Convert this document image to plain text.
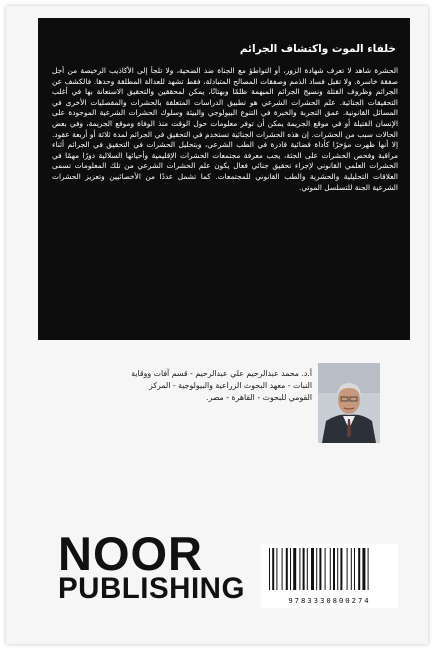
خلفاء الموت واكتشاف الجرائم
الحشرة شاهد لا تعرف شهادة الزور، أو التواطؤ مع الجناة ضد الضحية، ولا تلجأ إلى الأكاذيب الرخيصة من أجل صفقة خاسرة. ولا تقبل فساد الذمم وصفقات المصالح المتبادلة، فقط تشهد للعدالة المطلقة وحدها. فالكشف عن الجرائم وظروف القتلة ونسيج الجرائم المبهمة ظلمًا وبهتانًا، يمكن لمحققين والتحقيق الاستعانة بها في أغلب التحقيقات الجنائية. علم الحشرات الشرعي هو تطبيق الدراسات المتعلقة بالحشرات والمفصليات الأخرى في المسائل القانونية. عمق التجربة والخبرة في التنوع البيولوجي والبيئة وسلوك الحشرات الشرعية الموجودة على الإنسان القتيلة أو في موقع الجريمة يمكن أن توفر معلومات حول الوقت منذ الوفاة وموقع الجريمة، وفي بعض الحالات سبب من الحشرات. إن هذه الحشرات الجنائية تستخدم في التحقيق في الجرائم لمدة ثلاثة أو أربعة عقود. إلا أنها ظهرت مؤخرًا كأداة قضائية قادرة في الطب الشرعي، وبتحليل الحشرات في التحقيق في الجرائم أثناء مراقبة وفحص الحشرات على الجثة، يجب معرفة مجتمعات الحشرات الإقليمية وأحيائها السلالية دورًا مهمًا في الحشرات العلمي القانوني لإجراء تحقيق جنائي فعال يكون علم الحشرات الشرعي من تلك المعلومات تسمى العلاقات التحليلية والحشرية والطب القانوني للمجتمعات. كما تشمل عددًا من الأخصائيين وتعزيز الحشرات الشرعية الجنة للتسلسل الموتي.
أ.د. محمد عبدالرحيم علي عبدالرحيم - قسم آفات ووقاية النبات - معهد البحوث الزراعية والبيولوجية - المركز القومي للبحوث - القاهرة - مصر.
NOOR
PUBLISHING	9783330800274
